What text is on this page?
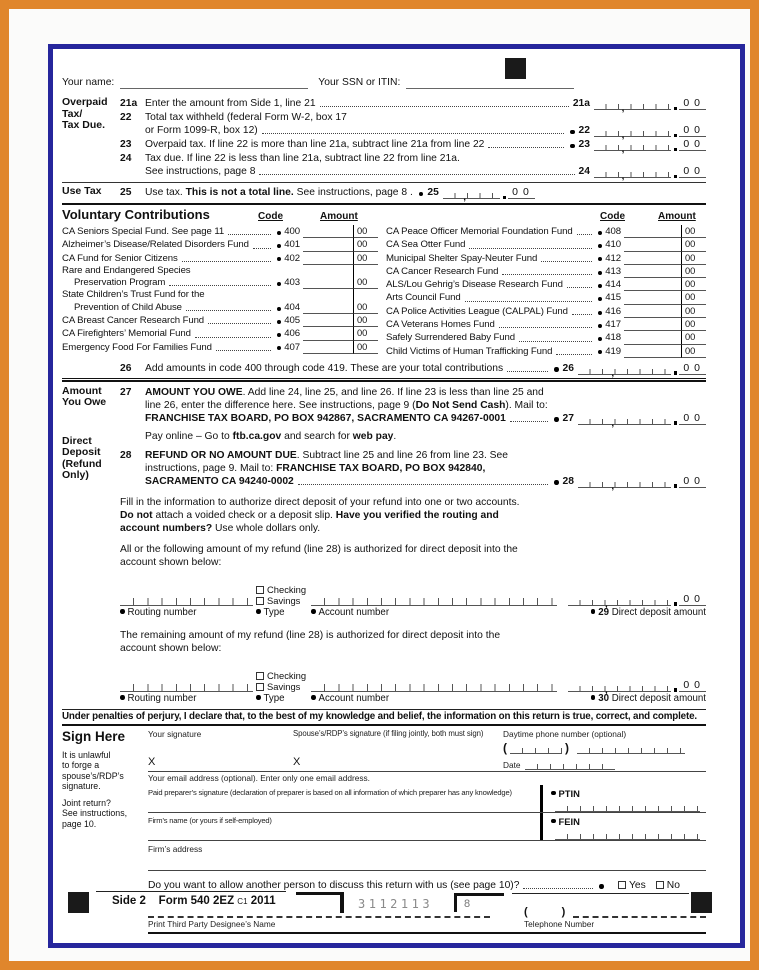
Your name:	Your SSN or ITIN:
Overpaid
Tax/
Tax Due.
21a Enter the amount from Side 1, line 21	21a	,	00
22	Total tax withheld (federal Form W-2, box 17
or Form 1099-R, box 12)	22	,	00
23	Overpaid tax. If line 22 is more than line 21a, subtract line 21a from line 22	23	,	00
24	Tax due. If line 22 is less than line 21a, subtract line 22 from line 21a.
See instructions, page 8	24	,	00
Use Tax	25	Use tax. This is not a total line. See instructions, page 8 . 25 ,	00
Voluntary Contributions	Code	Amount	Code	Amount
CA Seniors Special Fund. See page 11	400	00
Alzheimer’s Disease/Related Disorders Fund	401	00
CA Fund for Senior Citizens	402	00
Rare and Endangered Species
Preservation Program	403	00
State Children’s Trust Fund for the
Prevention of Child Abuse	404	00
CA Breast Cancer Research Fund	405	00
CA Firefighters’ Memorial Fund	406	00
Emergency Food For Families Fund	407	00
CA Peace Officer Memorial Foundation Fund	408	00
CA Sea Otter Fund	410	00
Municipal Shelter Spay-Neuter Fund	412	00
CA Cancer Research Fund	413	00
ALS/Lou Gehrig’s Disease Research Fund	414	00
Arts Council Fund	415	00
CA Police Activities League (CALPAL) Fund	416	00
CA Veterans Homes Fund	417	00
Safely Surrendered Baby Fund	418	00
Child Victims of Human Trafficking Fund	419	00
26	Add amounts in code 400 through code 419. These are your total contributions	26	,	00
Amount
You Owe
Direct
Deposit
(Refund
Only)
27	AMOUNT YOU OWE. Add line 24, line 25, and line 26. If line 23 is less than line 25 and
line 26, enter the difference here. See instructions, page 9 (Do Not Send Cash). Mail to:
FRANCHISE TAX BOARD, PO BOX 942867, SACRAMENTO CA 94267-0001	27	,	00
Pay online – Go to ftb.ca.gov and search for web pay.
28	REFUND OR NO AMOUNT DUE. Subtract line 25 and line 26 from line 23. See
instructions, page 9. Mail to: FRANCHISE TAX BOARD, PO BOX 942840,
SACRAMENTO CA 94240-0002	28	,	00
Fill in the information to authorize direct deposit of your refund into one or two accounts.
Do not attach a voided check or a deposit slip. Have you verified the routing and
account numbers? Use whole dollars only.
All or the following amount of my refund (line 28) is authorized for direct deposit into the
account shown below:
Checking
Savings	,	00
Routing number	Type	Account number	29 Direct deposit amount
The remaining amount of my refund (line 28) is authorized for direct deposit into the
account shown below:
Checking
Savings	,	00
Routing number	Type	Account number	30 Direct deposit amount
Under penalties of perjury, I declare that, to the best of my knowledge and belief, the information on this return is true, correct, and complete.
Sign Here
It is unlawful
to forge a
spouse’s/RDP’s
signature.
Joint return?
See instructions,
page 10.
Your signature
X
Spouse’s/RDP’s signature (if filing jointly, both must sign)
X
Daytime phone number (optional)
(	)
Date
Your email address (optional). Enter only one email address.
Paid preparer’s signature (declaration of preparer is based on all information of which preparer has any knowledge)	PTIN
Firm’s name (or yours if self-employed)	FEIN
Firm’s address
Do you want to allow another person to discuss this return with us (see page 10)?	Yes	No
(	)
Print Third Party Designee’s Name	Telephone Number
Side 2 Form 540 2EZ C1 2011	3112113	8
